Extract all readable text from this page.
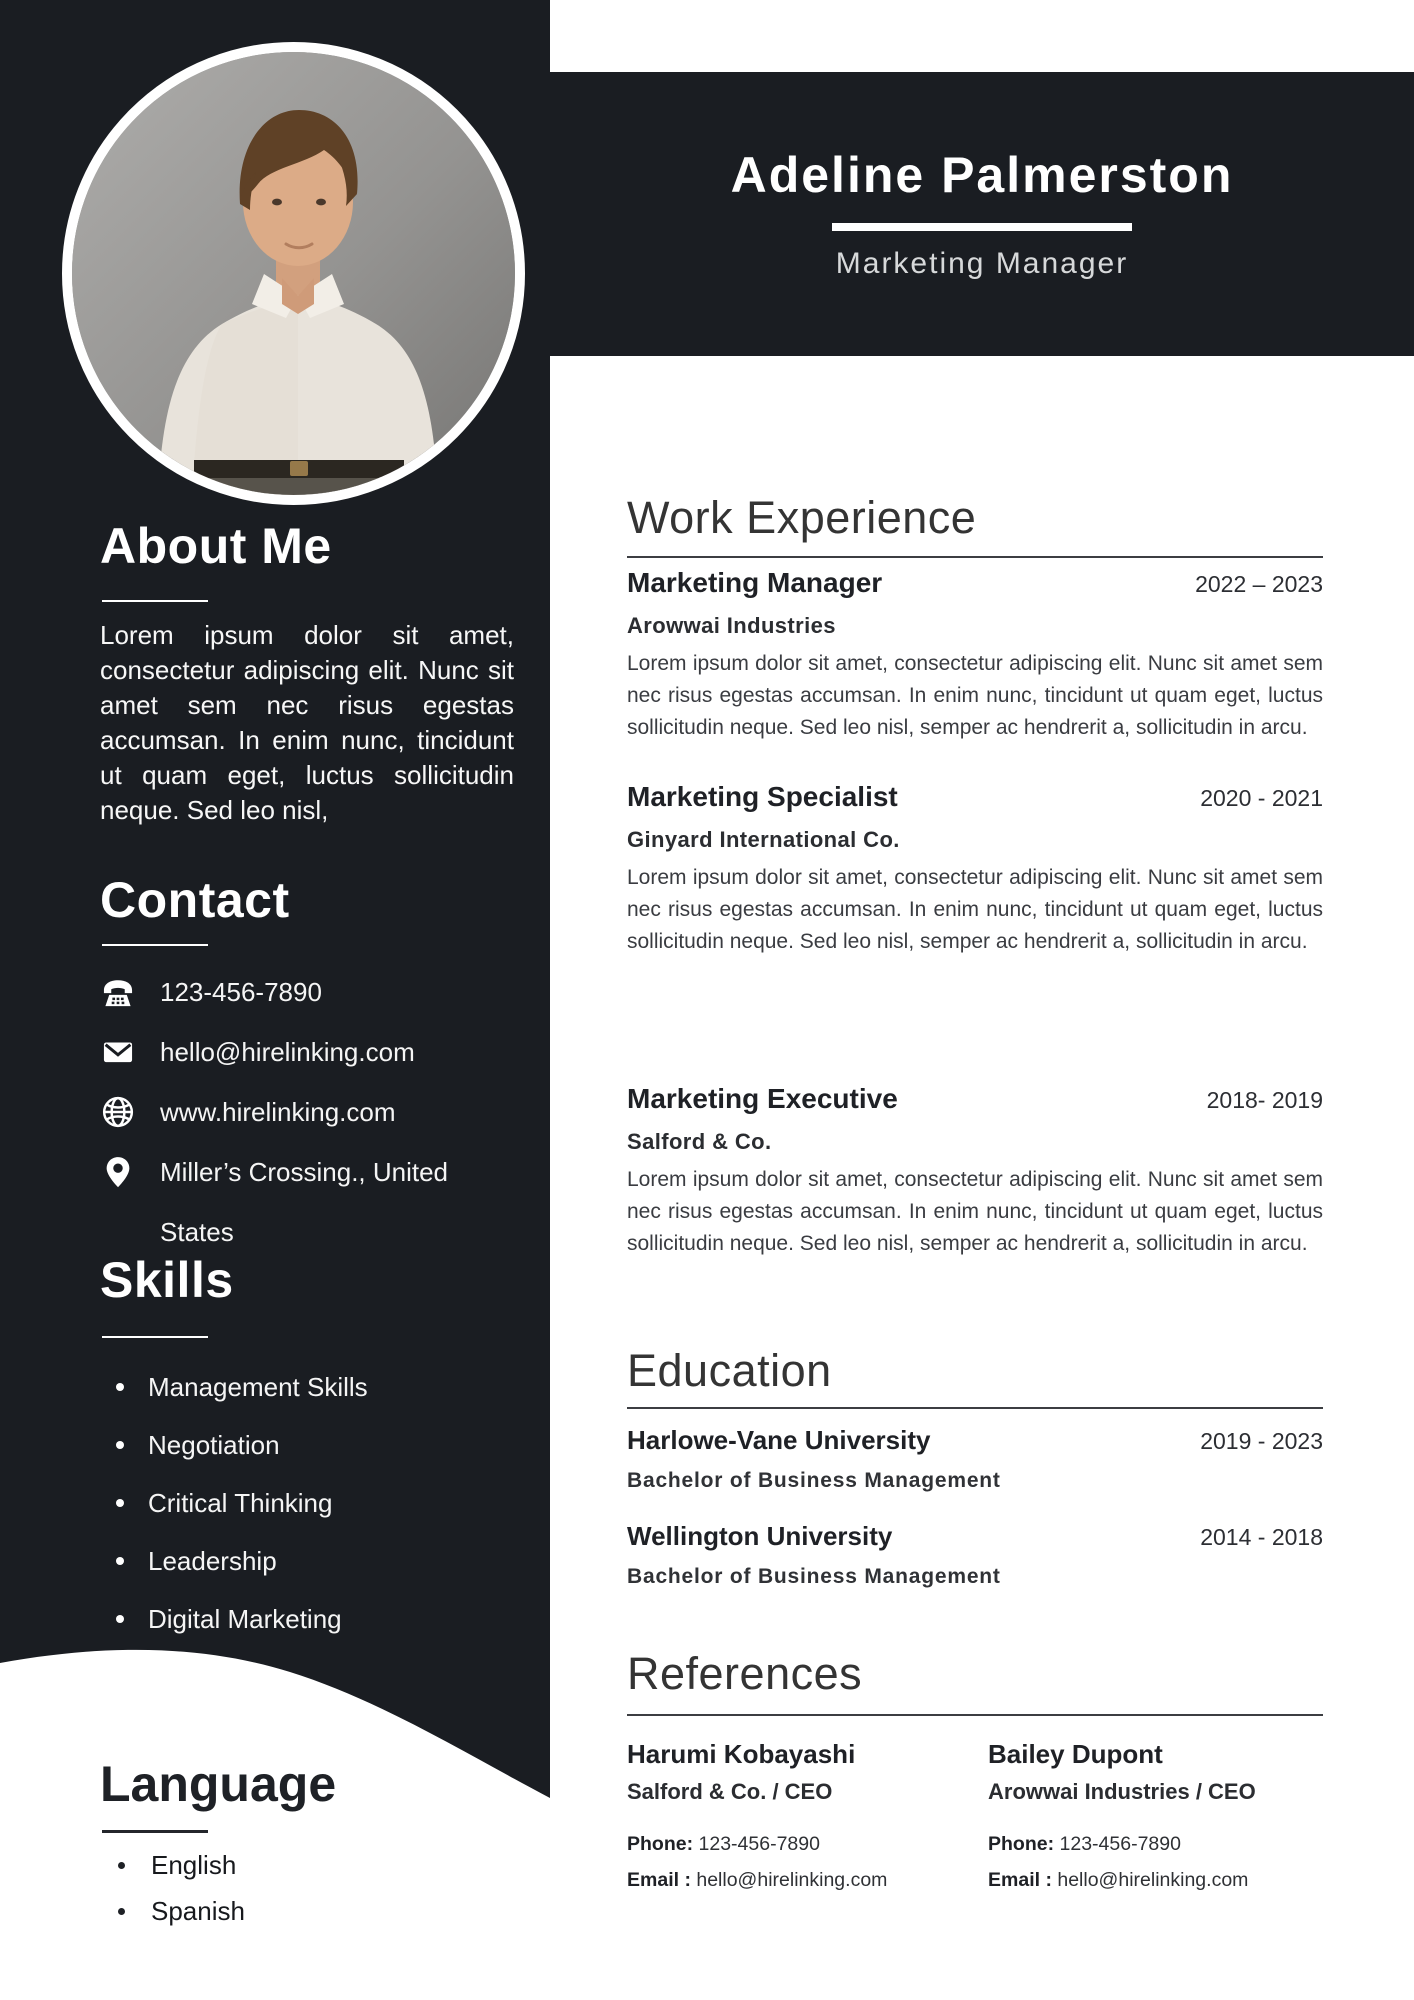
About Me

Lorem ipsum dolor sit amet, consectetur adipiscing elit. Nunc sit amet sem nec risus egestas accumsan. In enim nunc, tincidunt ut quam eget, luctus sollicitudin neque. Sed leo nisl,

Contact
123-456-7890
hello@hirelinking.com
www.hirelinking.com
Miller’s Crossing., United States
Skills
Management Skills
Negotiation
Critical Thinking
Leadership
Digital Marketing
Language
English
Spanish
Adeline Palmerston

Marketing Manager

Work Experience
Marketing Manager	2022 – 2023

Arowwai Industries

Lorem ipsum dolor sit amet, consectetur adipiscing elit. Nunc sit amet sem nec risus egestas accumsan. In enim nunc, tincidunt ut quam eget, luctus sollicitudin neque. Sed leo nisl, semper ac hendrerit a, sollicitudin in arcu.

Marketing Specialist	2020 - 2021

Ginyard International Co.

Lorem ipsum dolor sit amet, consectetur adipiscing elit. Nunc sit amet sem nec risus egestas accumsan. In enim nunc, tincidunt ut quam eget, luctus sollicitudin neque. Sed leo nisl, semper ac hendrerit a, sollicitudin in arcu.

Marketing Executive	2018- 2019

Salford & Co.

Lorem ipsum dolor sit amet, consectetur adipiscing elit. Nunc sit amet sem nec risus egestas accumsan. In enim nunc, tincidunt ut quam eget, luctus sollicitudin neque. Sed leo nisl, semper ac hendrerit a, sollicitudin in arcu.

Education
Harlowe-Vane University	2019 - 2023

Bachelor of Business Management

Wellington University	2014 - 2018

Bachelor of Business Management

References
Harumi Kobayashi

Salford & Co. / CEO

Phone: 123-456-7890

Email : hello@hirelinking.com

Bailey Dupont

Arowwai Industries / CEO

Phone: 123-456-7890

Email : hello@hirelinking.com
